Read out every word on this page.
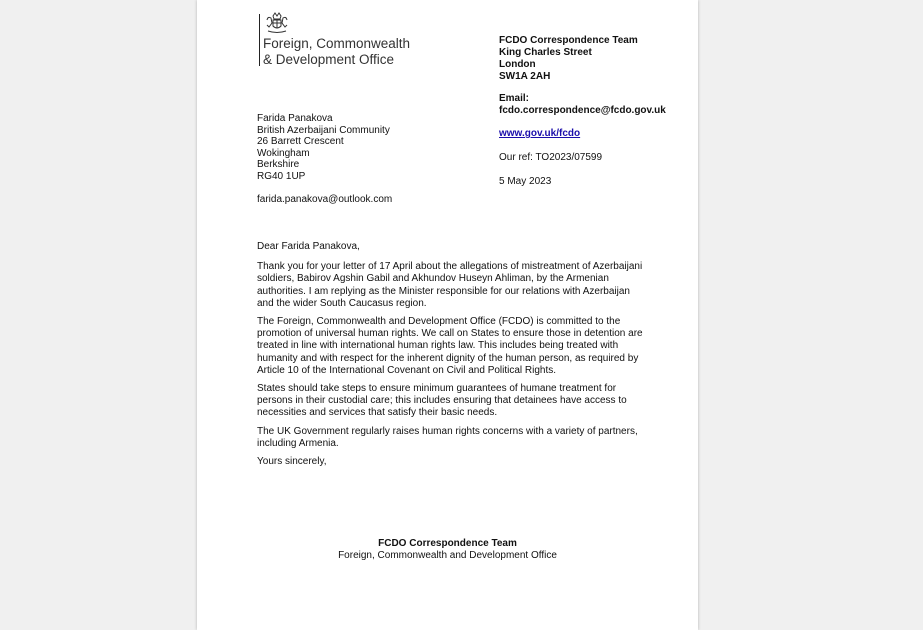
Foreign, Commonwealth
& Development Office
FCDO Correspondence Team
King Charles Street
London
SW1A 2AH
Email:
fcdo.correspondence@fcdo.gov.uk
www.gov.uk/fcdo
Our ref: TO2023/07599
5 May 2023
Farida Panakova
British Azerbaijani Community
26 Barrett Crescent
Wokingham
Berkshire
RG40 1UP
farida.panakova@outlook.com

Dear Farida Panakova,

Thank you for your letter of 17 April about the allegations of mistreatment of Azerbaijani soldiers, Babirov Agshin Gabil and Akhundov Huseyn Ahliman, by the Armenian authorities. I am replying as the Minister responsible for our relations with Azerbaijan and the wider South Caucasus region.

The Foreign, Commonwealth and Development Office (FCDO) is committed to the promotion of universal human rights. We call on States to ensure those in detention are treated in line with international human rights law. This includes being treated with humanity and with respect for the inherent dignity of the human person, as required by Article 10 of the International Covenant on Civil and Political Rights.

States should take steps to ensure minimum guarantees of humane treatment for persons in their custodial care; this includes ensuring that detainees have access to necessities and services that satisfy their basic needs.

The UK Government regularly raises human rights concerns with a variety of partners, including Armenia.

Yours sincerely,

FCDO Correspondence Team
Foreign, Commonwealth and Development Office
